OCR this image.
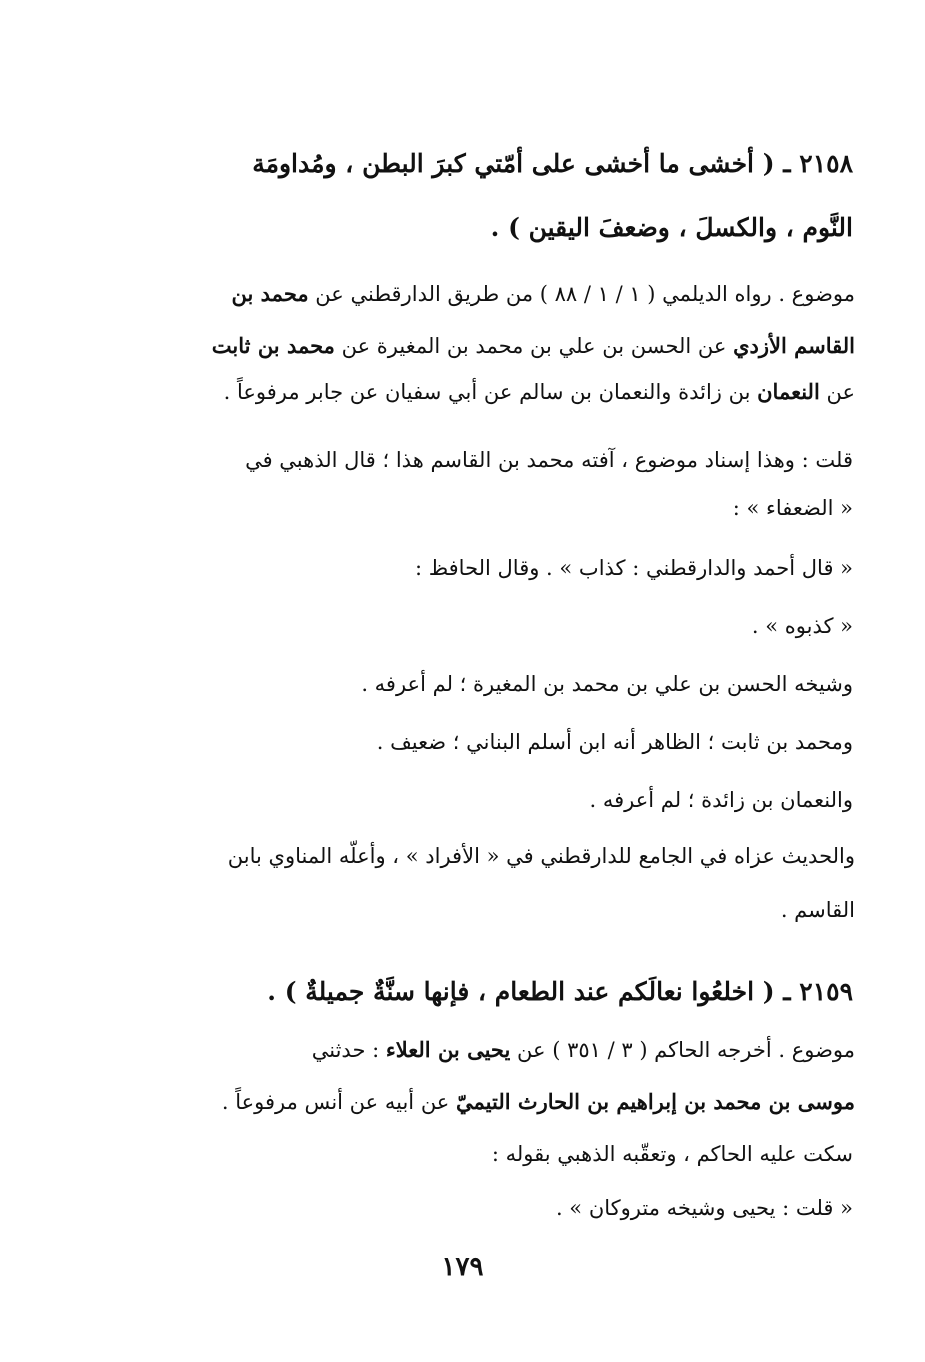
٢١٥٨ ـ ( أخشى ما أخشى على أمّتي كبرَ البطن ، ومُداومَة
النَّوم ، والكسلَ ، وضعفَ اليقين ) .
موضوع . رواه الديلمي ( ١ / ١ / ٨٨ ) من طريق الدارقطني عن محمد بن
القاسم الأزدي عن الحسن بن علي بن محمد بن المغيرة عن محمد بن ثابت
عن النعمان بن زائدة والنعمان بن سالم عن أبي سفيان عن جابر مرفوعاً .
قلت : وهذا إسناد موضوع ، آفته محمد بن القاسم هذا ؛ قال الذهبي في
« الضعفاء » :
« قال أحمد والدارقطني : كذاب » . وقال الحافظ :
« كذبوه » .
وشيخه الحسن بن علي بن محمد بن المغيرة ؛ لم أعرفه .
ومحمد بن ثابت ؛ الظاهر أنه ابن أسلم البناني ؛ ضعيف .
والنعمان بن زائدة ؛ لم أعرفه .
والحديث عزاه في الجامع للدارقطني في « الأفراد » ، وأعلّه المناوي بابن
القاسم .
٢١٥٩ ـ ( اخلعُوا نعالَكم عند الطعام ، فإنها سنَّةٌ جميلةٌ ) .
موضوع . أخرجه الحاكم ( ٣ / ٣٥١ ) عن يحيى بن العلاء : حدثني
موسى بن محمد بن إبراهيم بن الحارث التيميّ عن أبيه عن أنس مرفوعاً .
سكت عليه الحاكم ، وتعقّبه الذهبي بقوله :
« قلت : يحيى وشيخه متروكان » .
١٧٩
